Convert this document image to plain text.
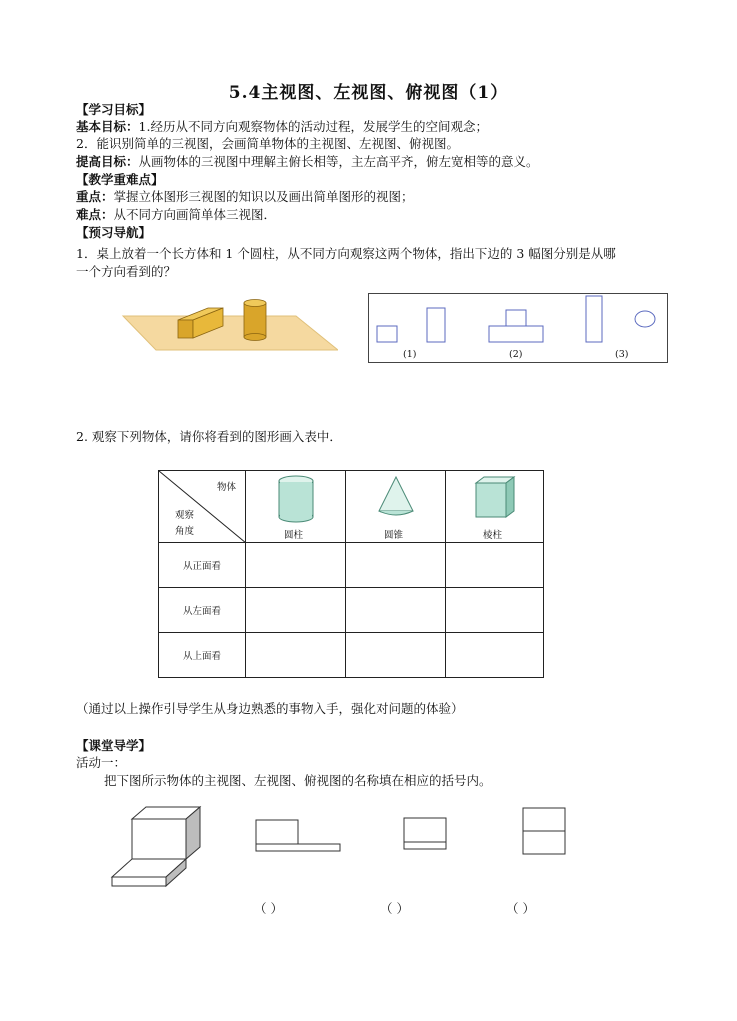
5.4主视图、左视图、俯视图（1）
【学习目标】
基本目标：1.经历从不同方向观察物体的活动过程，发展学生的空间观念；
2．能识别简单的三视图，会画简单物体的主视图、左视图、俯视图。
提高目标：从画物体的三视图中理解主俯长相等，主左高平齐，俯左宽相等的意义。
【教学重难点】
重点：掌握立体图形三视图的知识以及画出简单图形的视图；
难点：从不同方向画简单体三视图．
【预习导航】
1．桌上放着一个长方体和 1 个圆柱，从不同方向观察这两个物体，指出下边的 3 幅图分别是从哪
一个方向看到的？
(1)	(2)	(3)
2. 观察下列物体，请你将看到的图形画入表中．
物体
观察
角度	圆柱	圆锥	棱柱

从正面看			
从左面看			
从上面看			
（通过以上操作引导学生从身边熟悉的事物入手，强化对问题的体验）
【课堂导学】
活动一：
把下图所示物体的主视图、左视图、俯视图的名称填在相应的括号内。
（ ）	（ ）	（ ）
